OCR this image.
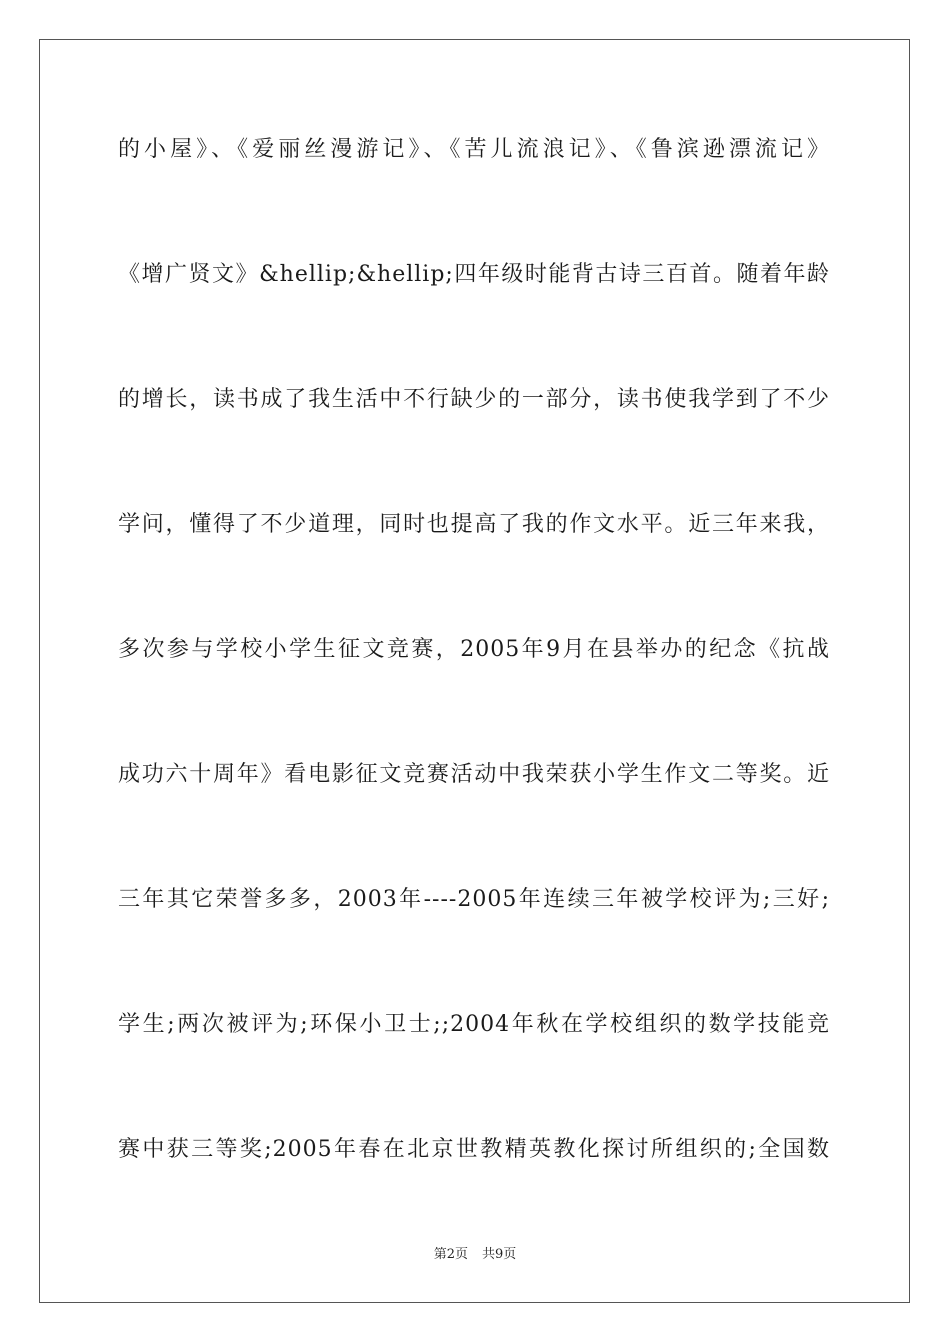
的小屋》、《爱丽丝漫游记》、《苦儿流浪记》、《鲁滨逊漂流记》
《增广贤文》&hellip;&hellip;四年级时能背古诗三百首。随着年龄
的增长，读书成了我生活中不行缺少的一部分，读书使我学到了不少
学问，懂得了不少道理，同时也提高了我的作文水平。近三年来我，
多次参与学校小学生征文竞赛，2005年9月在县举办的纪念《抗战
成功六十周年》看电影征文竞赛活动中我荣获小学生作文二等奖。近
三年其它荣誉多多，2003年----2005年连续三年被学校评为;三好;
学生;两次被评为;环保小卫士;;2004年秋在学校组织的数学技能竞
赛中获三等奖;2005年春在北京世教精英教化探讨所组织的;全国数
第2页 共9页
